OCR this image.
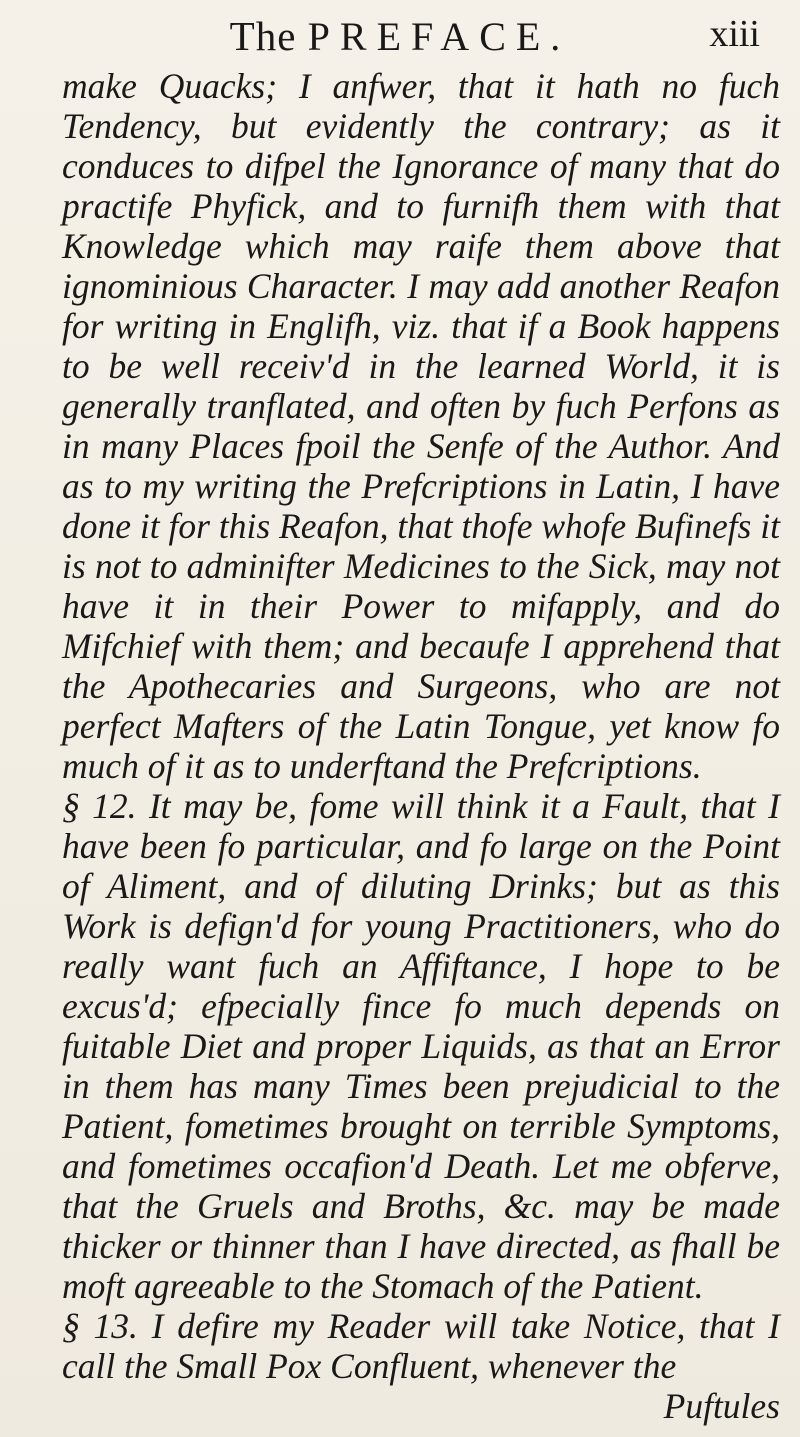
The PREFACE.	xiii

make Quacks; I anfwer, that it hath no fuch Tendency, but evidently the contrary; as it conduces to difpel the Ignorance of many that do practife Phyfick, and to furnifh them with that Knowledge which may raife them above that ignominious Character. I may add another Reafon for writing in Englifh, viz. that if a Book happens to be well receiv'd in the learned World, it is generally tranflated, and often by fuch Perfons as in many Places fpoil the Senfe of the Author. And as to my writing the Prefcriptions in Latin, I have done it for this Reafon, that thofe whofe Bufinefs it is not to adminifter Medicines to the Sick, may not have it in their Power to mifapply, and do Mifchief with them; and becaufe I apprehend that the Apothecaries and Surgeons, who are not perfect Mafters of the Latin Tongue, yet know fo much of it as to underftand the Prefcriptions.

§ 12. It may be, fome will think it a Fault, that I have been fo particular, and fo large on the Point of Aliment, and of diluting Drinks; but as this Work is defign'd for young Practitioners, who do really want fuch an Affiftance, I hope to be excus'd; efpecially fince fo much depends on fuitable Diet and proper Liquids, as that an Error in them has many Times been prejudicial to the Patient, fometimes brought on terrible Symptoms, and fometimes occafion'd Death. Let me obferve, that the Gruels and Broths, &c. may be made thicker or thinner than I have directed, as fhall be moft agreeable to the Stomach of the Patient.

§ 13. I defire my Reader will take Notice, that I call the Small Pox Confluent, whenever the

Puftules
